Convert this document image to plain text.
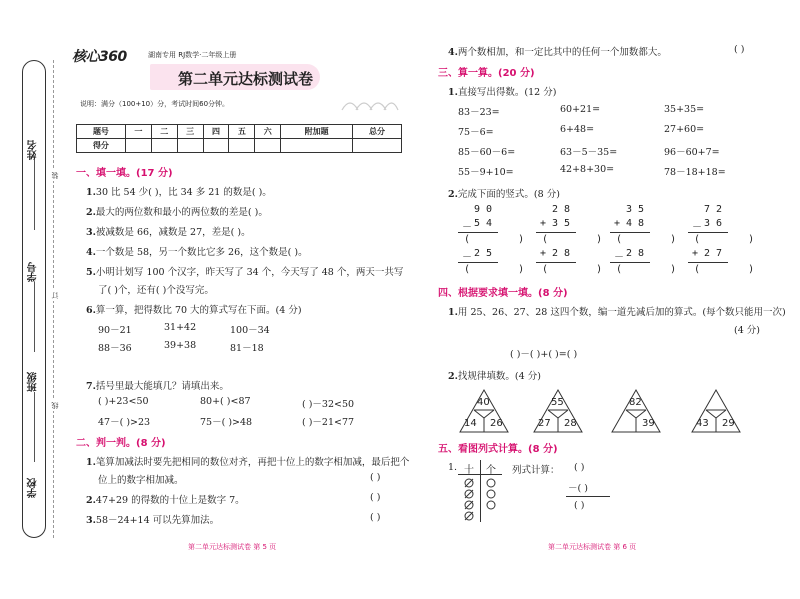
姓名
学号
班级
学校
装
订
线
核心360	湖南专用 RJ数学·二年级上册
第二单元达标测试卷
说明：满分（100+10）分，考试时间60分钟。
题号	一	二	三	四	五	六	附加题	总分
得分								
一、填一填。(17 分)
1.30 比 54 少( )，比 34 多 21 的数是( )。
2.最大的两位数和最小的两位数的差是( )。
3.被减数是 66，减数是 27，差是( )。
4.一个数是 58，另一个数比它多 26，这个数是( )。
5.小明计划写 100 个汉字，昨天写了 34 个，今天写了 48 个，两天一共写
了( )个，还有( )个没写完。
6.算一算，把得数比 70 大的算式写在下面。(4 分)
90－21	31+42	100－34
88－36	39+38	81－18
7.括号里最大能填几？请填出来。
( )+23<50	80+( )<87	( )－32<50
47－( )>23	75－( )>48	( )－21<77
二、判一判。(8 分)
1.笔算加减法时要先把相同的数位对齐，再把十位上的数字相加减，最后把个
位上的数字相加减。	( )
2.47+29 的得数的十位上是数字 7。	( )
3.58－24+14 可以先算加法。	( )
第二单元达标测试卷 第 5 页
4.两个数相加，和一定比其中的任何一个加数都大。	( )
三、算一算。(20 分)
1.直接写出得数。(12 分)
83－23=	60+21=	35+35=
75－6=	6+48=	27+60=
85－60－6=	63－5－35=	96－60+7=
55－9+10=	42+8+30=	78－18+18=
2.完成下面的竖式。(8 分)
9 0
－ 5 4
(        )
－ 2 5
(        )
2 8
+ 3 5
(        )
+ 2 8
(        )
3 5
+ 4 8
(        )
－ 2 8
(        )
7 2
－ 3 6
(        )
+ 2 7
(        )
四、根据要求填一填。(8 分)
1.用 25、26、27、28 这四个数，编一道先减后加的算式。(每个数只能用一次)
(4 分)
( )－( )+( )=( )
2.找规律填数。(4 分)
40
14 26
55
27 28
82
39	43 29
五、看图列式计算。(8 分)
1. 十 个 列式计算： ( )
－( )
( )
第二单元达标测试卷 第 6 页
